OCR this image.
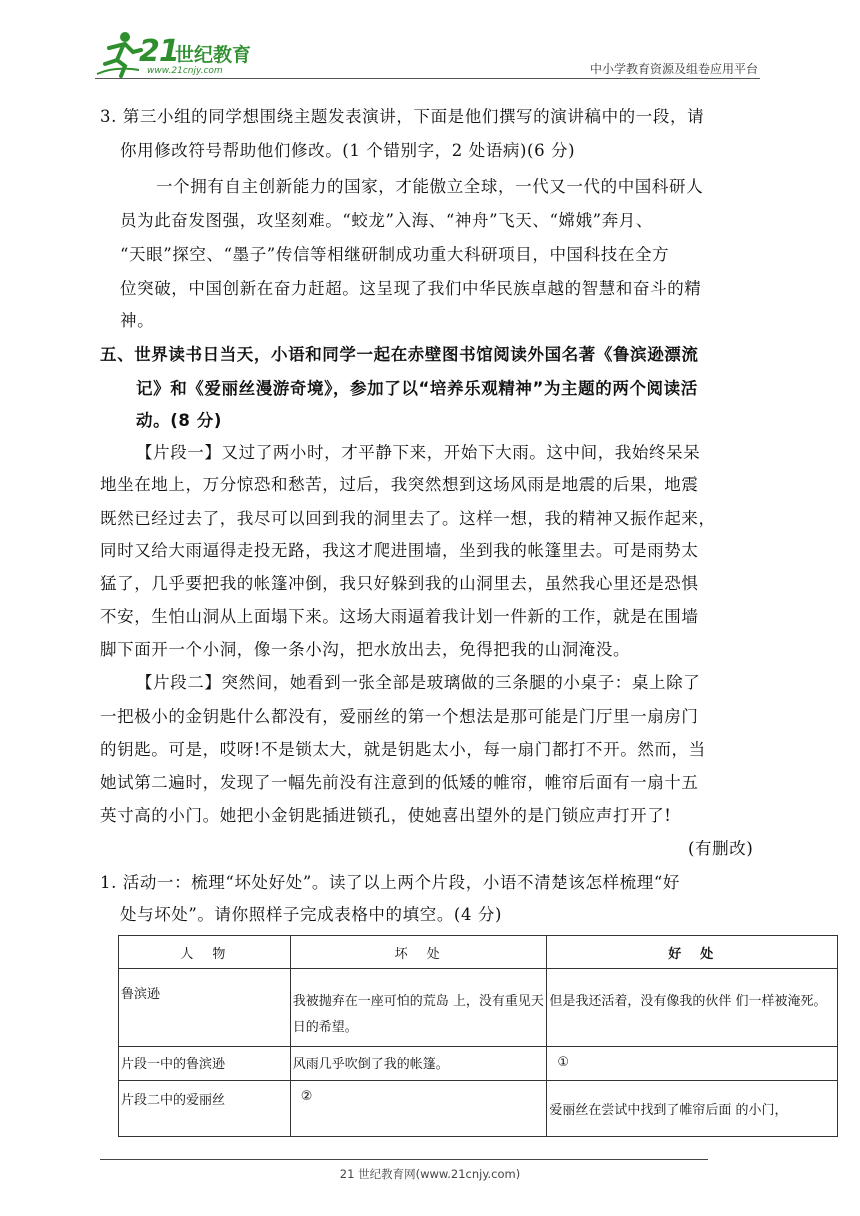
21
世纪教育
www.21cnjy.com	中小学教育资源及组卷应用平台
3. 第三小组的同学想围绕主题发表演讲，下面是他们撰写的演讲稿中的一段，请
你用修改符号帮助他们修改。(1 个错别字，2 处语病)(6 分)
一个拥有自主创新能力的国家，才能傲立全球，一代又一代的中国科研人
员为此奋发图强，攻坚刻难。“蛟龙”入海、“神舟”飞天、“嫦娥”奔月、
“天眼”探空、“墨子”传信等相继研制成功重大科研项目，中国科技在全方
位突破，中国创新在奋力赶超。这呈现了我们中华民族卓越的智慧和奋斗的精
神。
五、世界读书日当天，小语和同学一起在赤壁图书馆阅读外国名著《鲁滨逊漂流
记》和《爱丽丝漫游奇境》，参加了以“培养乐观精神”为主题的两个阅读活
动。(8 分)
【片段一】又过了两小时，才平静下来，开始下大雨。这中间，我始终呆呆
地坐在地上，万分惊恐和愁苦，过后，我突然想到这场风雨是地震的后果，地震
既然已经过去了，我尽可以回到我的洞里去了。这样一想，我的精神又振作起来，
同时又给大雨逼得走投无路，我这才爬进围墙，坐到我的帐篷里去。可是雨势太
猛了，几乎要把我的帐篷冲倒，我只好躲到我的山洞里去，虽然我心里还是恐惧
不安，生怕山洞从上面塌下来。这场大雨逼着我计划一件新的工作，就是在围墙
脚下面开一个小洞，像一条小沟，把水放出去，免得把我的山洞淹没。
【片段二】突然间，她看到一张全部是玻璃做的三条腿的小桌子：桌上除了
一把极小的金钥匙什么都没有，爱丽丝的第一个想法是那可能是门厅里一扇房门
的钥匙。可是，哎呀!不是锁太大，就是钥匙太小，每一扇门都打不开。然而，当
她试第二遍时，发现了一幅先前没有注意到的低矮的帷帘，帷帘后面有一扇十五
英寸高的小门。她把小金钥匙插进锁孔，使她喜出望外的是门锁应声打开了!
(有删改)
1. 活动一：梳理“坏处好处”。读了以上两个片段，小语不清楚该怎样梳理“好
处与坏处”。请你照样子完成表格中的填空。(4 分)
人　物	坏　处	好　处
鲁滨逊	我被抛弃在一座可怕的荒岛 上，没有重见天日的希望。	但是我还活着，没有像我的伙伴 们一样被淹死。
片段一中的鲁滨逊	风雨几乎吹倒了我的帐篷。	①
片段二中的爱丽丝	②	爱丽丝在尝试中找到了帷帘后面 的小门，
21 世纪教育网(www.21cnjy.com)
